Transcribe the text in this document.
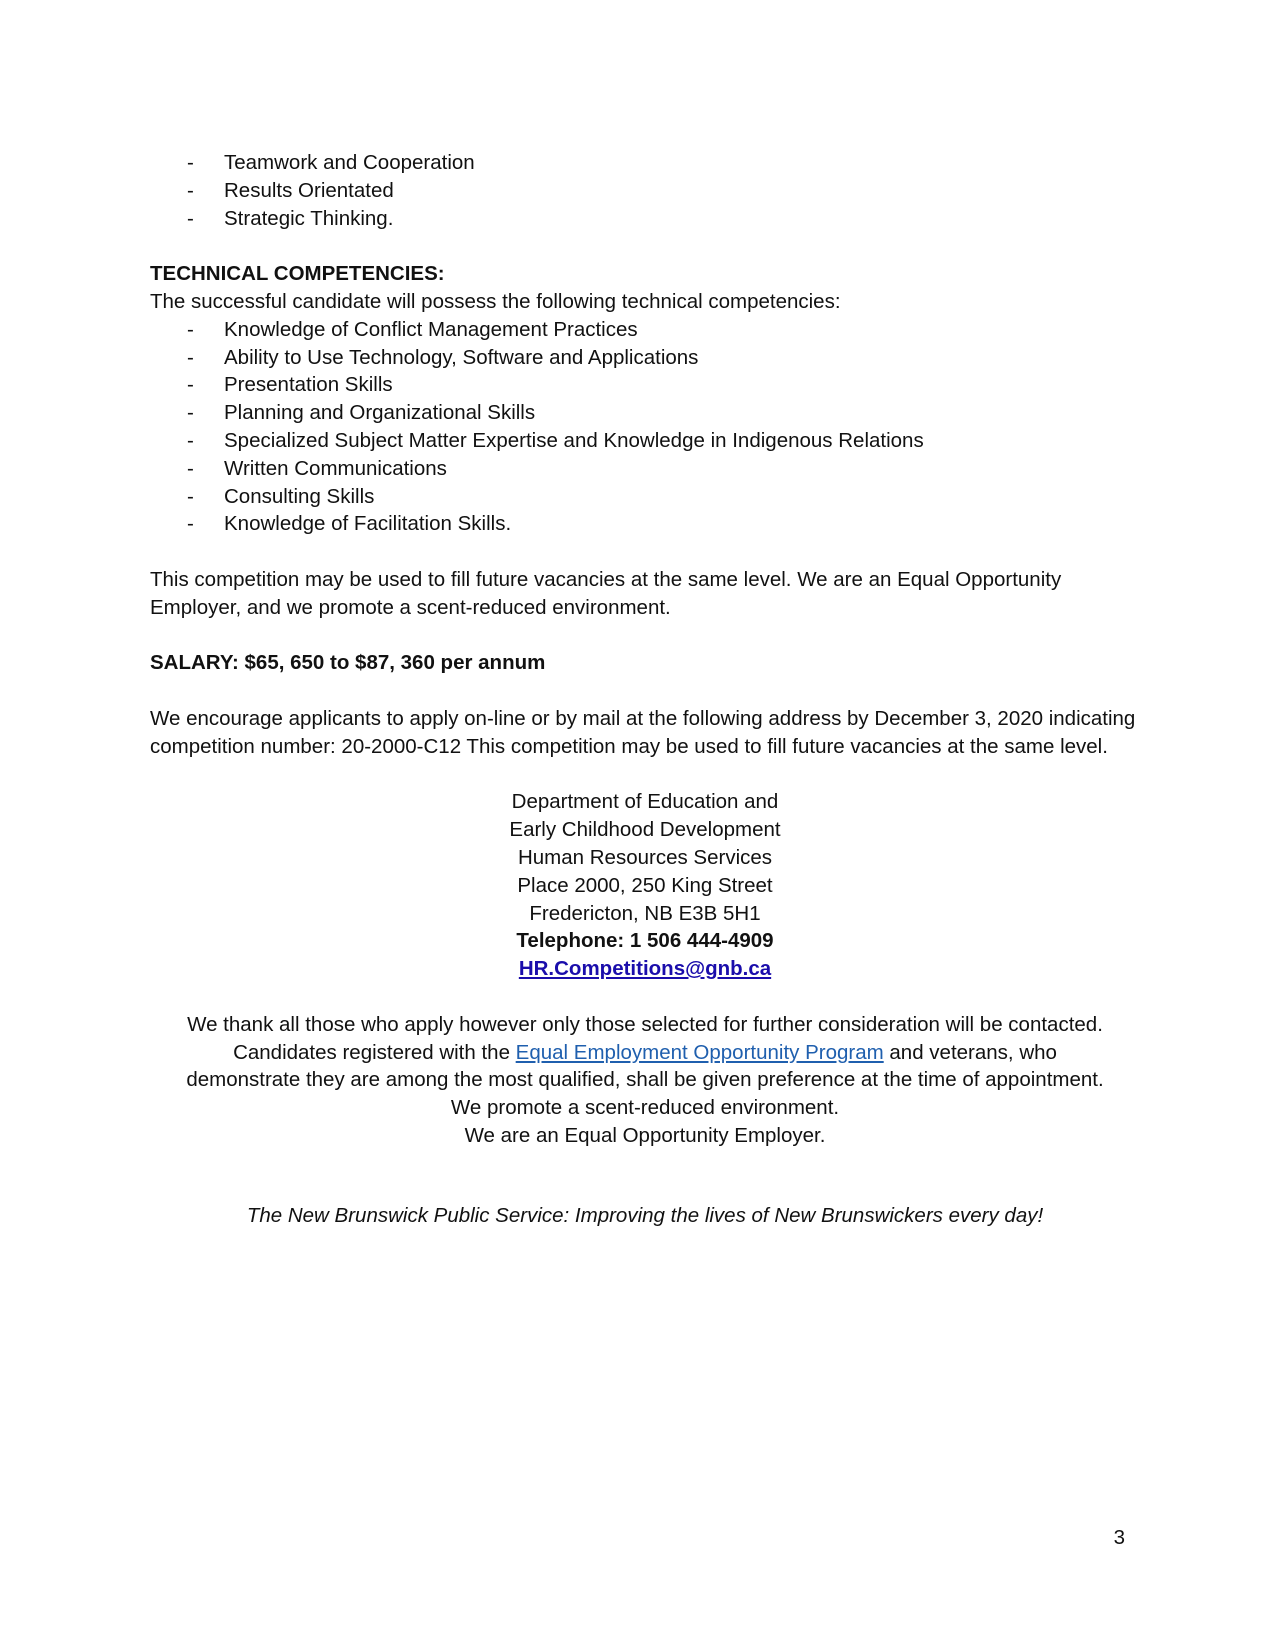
- Teamwork and Cooperation
- Results Orientated
- Strategic Thinking.

TECHNICAL COMPETENCIES:

The successful candidate will possess the following technical competencies:

- Knowledge of Conflict Management Practices
- Ability to Use Technology, Software and Applications
- Presentation Skills
- Planning and Organizational Skills
- Specialized Subject Matter Expertise and Knowledge in Indigenous Relations
- Written Communications
- Consulting Skills
- Knowledge of Facilitation Skills.

This competition may be used to fill future vacancies at the same level. We are an Equal Opportunity Employer, and we promote a scent-reduced environment.

SALARY: $65, 650 to $87, 360 per annum

We encourage applicants to apply on-line or by mail at the following address by December 3, 2020 indicating competition number: 20-2000-C12 This competition may be used to fill future vacancies at the same level.

Department of Education and
Early Childhood Development
Human Resources Services
Place 2000, 250 King Street
Fredericton, NB E3B 5H1
Telephone: 1 506 444-4909
HR.Competitions@gnb.ca
We thank all those who apply however only those selected for further consideration will be contacted.
Candidates registered with the Equal Employment Opportunity Program and veterans, who
demonstrate they are among the most qualified, shall be given preference at the time of appointment.
We promote a scent-reduced environment.
We are an Equal Opportunity Employer.

The New Brunswick Public Service: Improving the lives of New Brunswickers every day!

3
